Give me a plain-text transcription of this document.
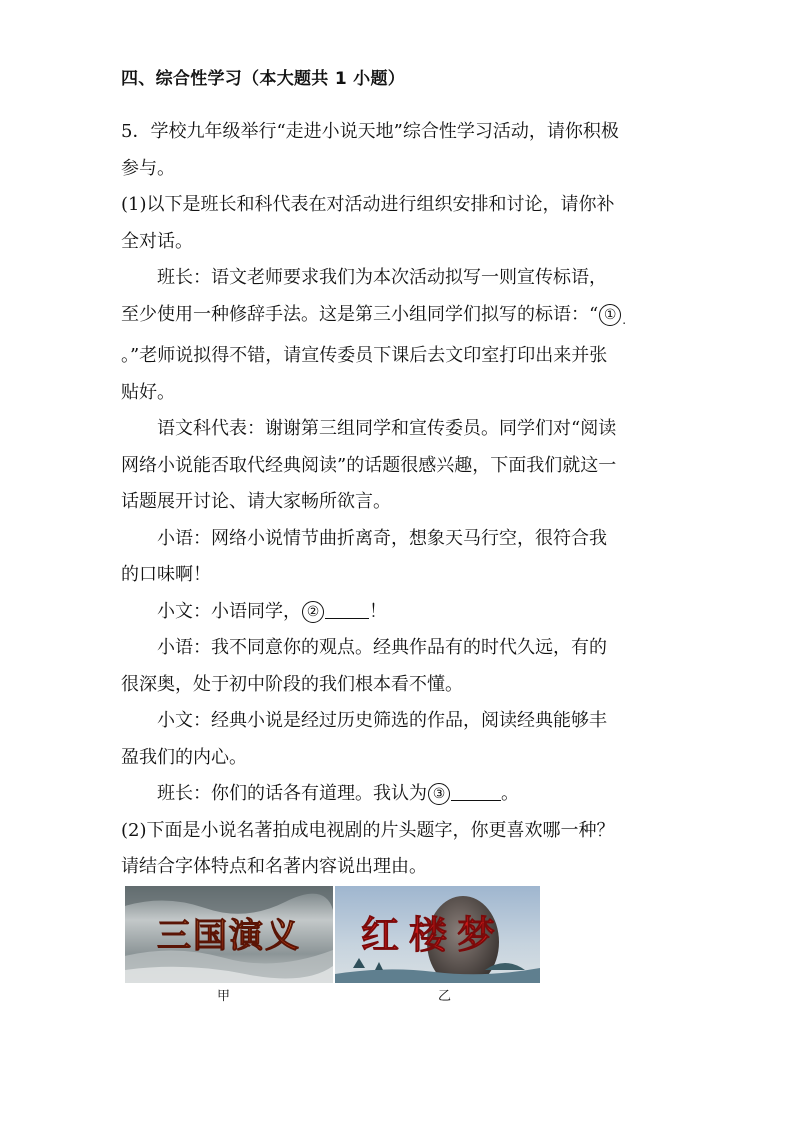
四、综合性学习（本大题共 1 小题）

5．学校九年级举行“走进小说天地”综合性学习活动，请你积极

参与。

(1)以下是班长和科代表在对活动进行组织安排和讨论，请你补

全对话。

班长：语文老师要求我们为本次活动拟写一则宣传标语，

至少使用一种修辞手法。这是第三小组同学们拟写的标语：“ ① $_.$

。”老师说拟得不错，请宣传委员下课后去文印室打印出来并张

贴好。

语文科代表：谢谢第三组同学和宣传委员。同学们对“阅读

网络小说能否取代经典阅读”的话题很感兴趣，下面我们就这一

话题展开讨论、请大家畅所欲言。

小语：网络小说情节曲折离奇，想象天马行空，很符合我

的口味啊！

小文：小语同学， ②	！

小语：我不同意你的观点。经典作品有的时代久远，有的

很深奥，处于初中阶段的我们根本看不懂。

小文：经典小说是经过历史筛选的作品，阅读经典能够丰

盈我们的内心。

班长：你们的话各有道理。我认为 ③	。

(2)下面是小说名著拍成电视剧的片头题字，你更喜欢哪一种？

请结合字体特点和名著内容说出理由。

三国演义 红楼梦
甲	乙
